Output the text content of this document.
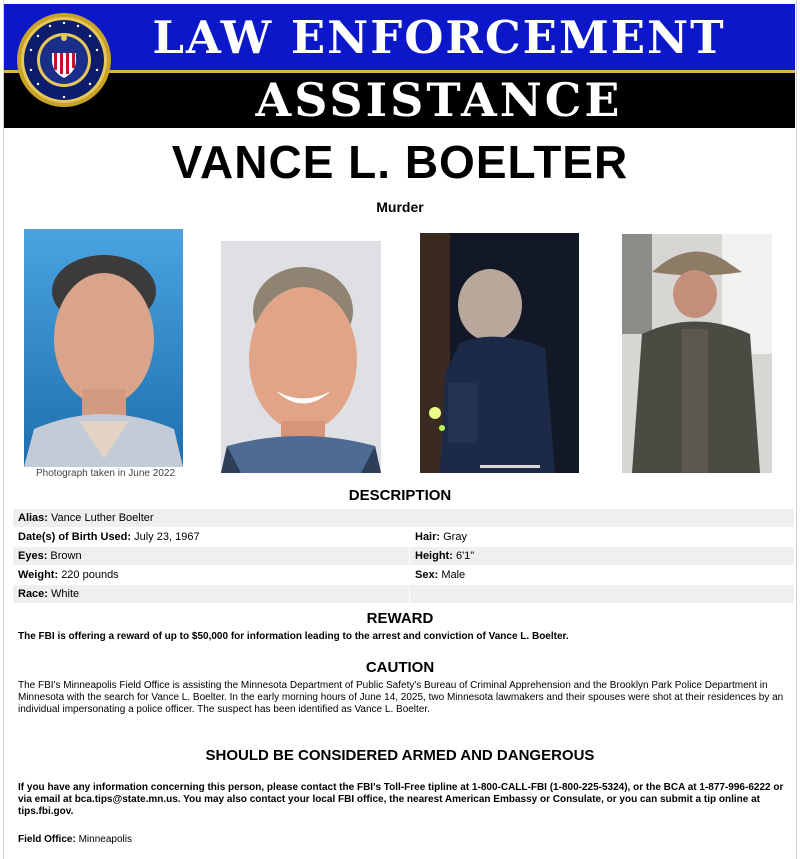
LAW ENFORCEMENT
ASSISTANCE
VANCE L. BOELTER
Murder
Photograph taken in June 2022
DESCRIPTION
Alias: Vance Luther Boelter	
Date(s) of Birth Used: July 23, 1967	Hair: Gray
Eyes: Brown	Height: 6'1"
Weight: 220 pounds	Sex: Male
Race: White	
REWARD
The FBI is offering a reward of up to $50,000 for information leading to the arrest and conviction of Vance L. Boelter.
CAUTION
The FBI's Minneapolis Field Office is assisting the Minnesota Department of Public Safety's Bureau of Criminal Apprehension and the Brooklyn Park Police Department in Minnesota with the search for Vance L. Boelter. In the early morning hours of June 14, 2025, two Minnesota lawmakers and their spouses were shot at their residences by an individual impersonating a police officer. The suspect has been identified as Vance L. Boelter.
SHOULD BE CONSIDERED ARMED AND DANGEROUS
If you have any information concerning this person, please contact the FBI's Toll-Free tipline at 1-800-CALL-FBI (1-800-225-5324), or the BCA at 1-877-996-6222 or via email at bca.tips@state.mn.us. You may also contact your local FBI office, the nearest American Embassy or Consulate, or you can submit a tip online at tips.fbi.gov.
Field Office: Minneapolis
